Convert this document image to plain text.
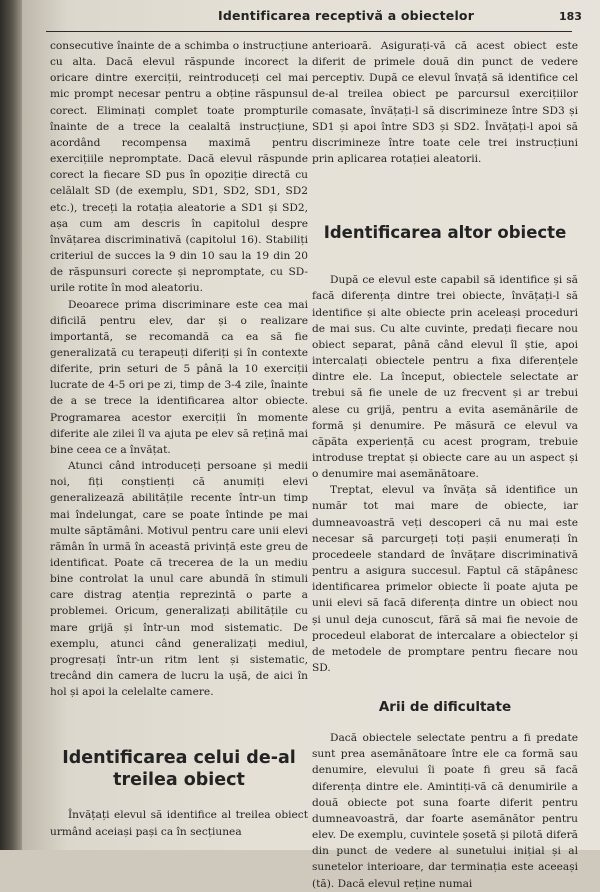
Identificarea receptivă a obiectelor	183

consecutive înainte de a schimba o instrucțiune cu alta. Dacă elevul răspunde incorect la oricare dintre exerciții, reintroduceți cel mai mic prompt necesar pentru a obține răspunsul corect. Eliminați complet toate prompturile înainte de a trece la cealaltă instrucțiune, acordând recompensa maximă pentru exercițiile nepromptate. Dacă elevul răspunde corect la fiecare SD pus în opoziție directă cu celălalt SD (de exemplu, SD1, SD2, SD1, SD2 etc.), treceți la rotația aleatorie a SD1 și SD2, așa cum am descris în capitolul despre învățarea discriminativă (capitolul 16). Stabiliți criteriul de succes la 9 din 10 sau la 19 din 20 de răspunsuri corecte și nepromptate, cu SD-urile rotite în mod aleatoriu.

Deoarece prima discriminare este cea mai dificilă pentru elev, dar și o realizare importantă, se recomandă ca ea să fie generalizată cu terapeuți diferiți și în contexte diferite, prin seturi de 5 până la 10 exerciții lucrate de 4-5 ori pe zi, timp de 3-4 zile, înainte de a se trece la identificarea altor obiecte. Programarea acestor exerciții în momente diferite ale zilei îl va ajuta pe elev să rețină mai bine ceea ce a învățat.

Atunci când introduceți persoane și medii noi, fiți conștienți că anumiți elevi generalizează abilitățile recente într-un timp mai îndelungat, care se poate întinde pe mai multe săptămâni. Motivul pentru care unii elevi rămân în urmă în această privință este greu de identificat. Poate că trecerea de la un mediu bine controlat la unul care abundă în stimuli care distrag atenția reprezintă o parte a problemei. Oricum, generalizați abilitățile cu mare grijă și într-un mod sistematic. De exemplu, atunci când generalizați mediul, progresați într-un ritm lent și sistematic, trecând din camera de lucru la ușă, de aici în hol și apoi la celelalte camere.

Identificarea celui de-al treilea obiect

Învățați elevul să identifice al treilea obiect urmând aceiași pași ca în secțiunea

anterioară. Asigurați-vă că acest obiect este diferit de primele două din punct de vedere perceptiv. După ce elevul învață să identifice cel de-al treilea obiect pe parcursul exercițiilor comasate, învățați-l să discrimineze între SD3 și SD1 și apoi între SD3 și SD2. Învățați-l apoi să discrimineze între toate cele trei instrucțiuni prin aplicarea rotației aleatorii.

Identificarea altor obiecte

După ce elevul este capabil să identifice și să facă diferența dintre trei obiecte, învățați-l să identifice și alte obiecte prin aceleași proceduri de mai sus. Cu alte cuvinte, predați fiecare nou obiect separat, până când elevul îl știe, apoi intercalați obiectele pentru a fixa diferențele dintre ele. La început, obiectele selectate ar trebui să fie unele de uz frecvent și ar trebui alese cu grijă, pentru a evita asemănările de formă și denumire. Pe măsură ce elevul va căpăta experiență cu acest program, trebuie introduse treptat și obiecte care au un aspect și o denumire mai asemănătoare.

Treptat, elevul va învăța să identifice un număr tot mai mare de obiecte, iar dumneavoastră veți descoperi că nu mai este necesar să parcurgeți toți pașii enumerați în procedeele standard de învățare discriminativă pentru a asigura succesul. Faptul că stăpânesc identificarea primelor obiecte îi poate ajuta pe unii elevi să facă diferența dintre un obiect nou și unul deja cunoscut, fără să mai fie nevoie de procedeul elaborat de intercalare a obiectelor și de metodele de promptare pentru fiecare nou SD.

Arii de dificultate

Dacă obiectele selectate pentru a fi predate sunt prea asemănătoare între ele ca formă sau denumire, elevului îi poate fi greu să facă diferența dintre ele. Amintiți-vă că denumirile a două obiecte pot suna foarte diferit pentru dumneavoastră, dar foarte asemănător pentru elev. De exemplu, cuvintele șosetă și pilotă diferă din punct de vedere al sunetului inițial și al sunetelor interioare, dar terminația este aceeași (tă). Dacă elevul reține numai
